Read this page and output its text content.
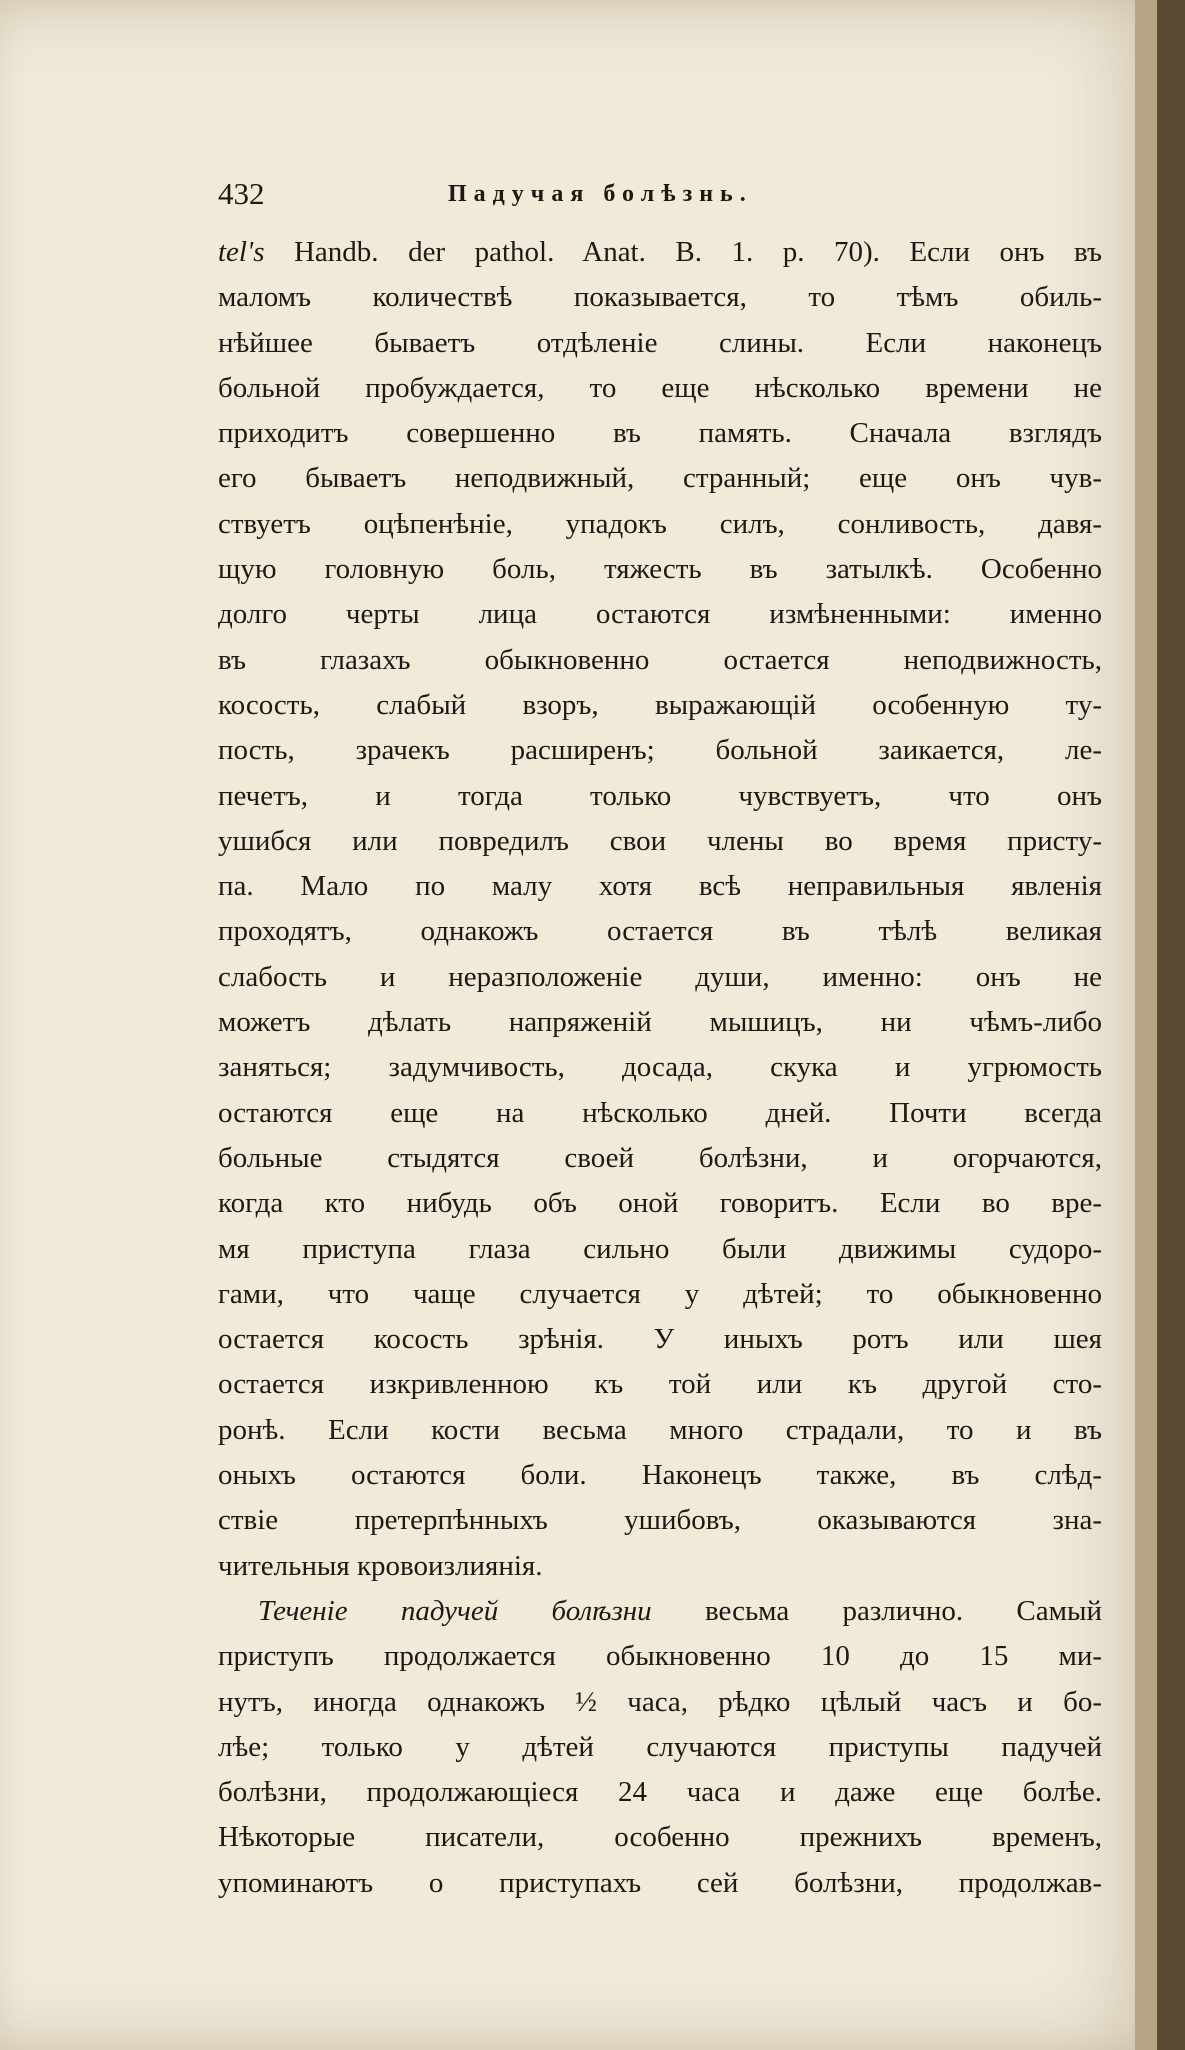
432	Падучая болѣзнь.
tel's Handb. der pathol. Anat. B. 1. p. 70). Если онъ въ
маломъ количествѣ показывается, то тѣмъ обиль-
нѣйшее бываетъ отдѣленіе слины. Если наконецъ
больной пробуждается, то еще нѣсколько времени не
приходитъ совершенно въ память. Сначала взглядъ
его бываетъ неподвижный, странный; еще онъ чув-
ствуетъ оцѣпенѣніе, упадокъ силъ, сонливость, давя-
щую головную боль, тяжесть въ затылкѣ. Особенно
долго черты лица остаются измѣненными: именно
въ глазахъ обыкновенно остается неподвижность,
косость, слабый взоръ, выражающій особенную ту-
пость, зрачекъ расширенъ; больной заикается, ле-
печетъ, и тогда только чувствуетъ, что онъ
ушибся или повредилъ свои члены во время присту-
па. Мало по малу хотя всѣ неправильныя явленія
проходятъ, однакожъ остается въ тѣлѣ великая
слабость и неразположеніе души, именно: онъ не
можетъ дѣлать напряженій мышицъ, ни чѣмъ-либо
заняться; задумчивость, досада, скука и угрюмость
остаются еще на нѣсколько дней. Почти всегда
больные стыдятся своей болѣзни, и огорчаются,
когда кто нибудь объ оной говоритъ. Если во вре-
мя приступа глаза сильно были движимы судоро-
гами, что чаще случается у дѣтей; то обыкновенно
остается косость зрѣнія. У иныхъ ротъ или шея
остается изкривленною къ той или къ другой сто-
ронѣ. Если кости весьма много страдали, то и въ
оныхъ остаются боли. Наконецъ также, въ слѣд-
ствіе претерпѣнныхъ ушибовъ, оказываются зна-
чительныя кровоизлиянія.
Теченіе падучей болѣзни весьма различно. Самый
приступъ продолжается обыкновенно 10 до 15 ми-
нутъ, иногда однакожъ ½ часа, рѣдко цѣлый часъ и бо-
лѣе; только у дѣтей случаются приступы падучей
болѣзни, продолжающіеся 24 часа и даже еще болѣе.
Нѣкоторые писатели, особенно прежнихъ временъ,
упоминаютъ о приступахъ сей болѣзни, продолжав-
